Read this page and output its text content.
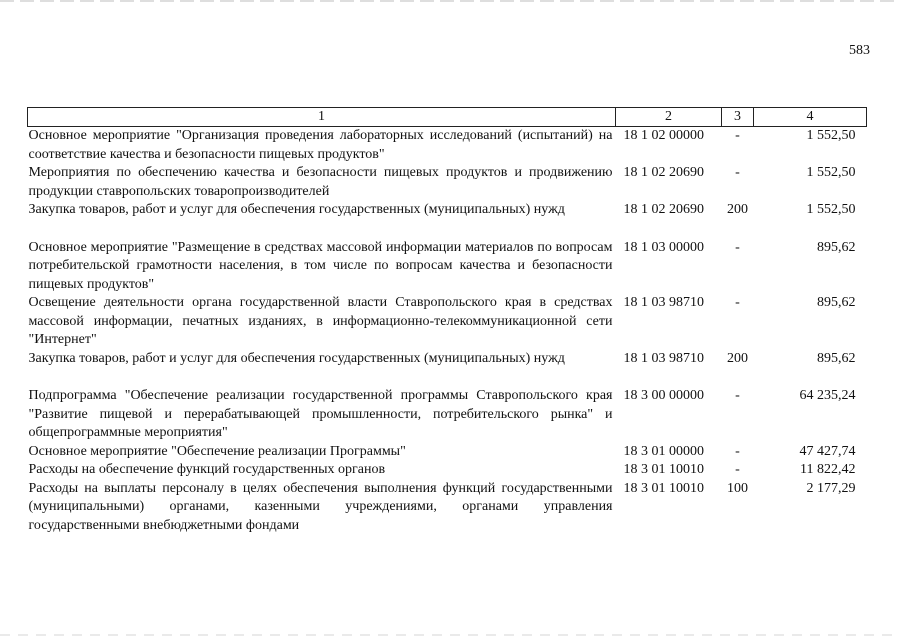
583
1	2	3	4
Основное мероприятие "Организация проведения лабораторных исследований (испытаний) на соответствие качества и безопасности пищевых продуктов"	18 1 02 00000	-	1 552,50
Мероприятия по обеспечению качества и безопасности пищевых продуктов и продвижению продукции ставропольских товаропроизводителей	18 1 02 20690	-	1 552,50
Закупка товаров, работ и услуг для обеспечения государственных (муниципальных) нужд	18 1 02 20690	200	1 552,50

Основное мероприятие "Размещение в средствах массовой информации материалов по вопросам потребительской грамотности населения, в том числе по вопросам качества и безопасности пищевых продуктов"	18 1 03 00000	-	895,62
Освещение деятельности органа государственной власти Ставропольского края в средствах массовой информации, печатных изданиях, в информационно-телекоммуникационной сети "Интернет"	18 1 03 98710	-	895,62
Закупка товаров, работ и услуг для обеспечения государственных (муниципальных) нужд	18 1 03 98710	200	895,62

Подпрограмма "Обеспечение реализации государственной программы Ставропольского края "Развитие пищевой и перерабатывающей промышленности, потребительского рынка" и общепрограммные мероприятия"	18 3 00 00000	-	64 235,24
Основное мероприятие "Обеспечение реализации Программы"	18 3 01 00000	-	47 427,74
Расходы на обеспечение функций государственных органов	18 3 01 10010	-	11 822,42
Расходы на выплаты персоналу в целях обеспечения выполнения функций государственными (муниципальными) органами, казенными учреждениями, органами управления государственными внебюджетными фондами	18 3 01 10010	100	2 177,29
